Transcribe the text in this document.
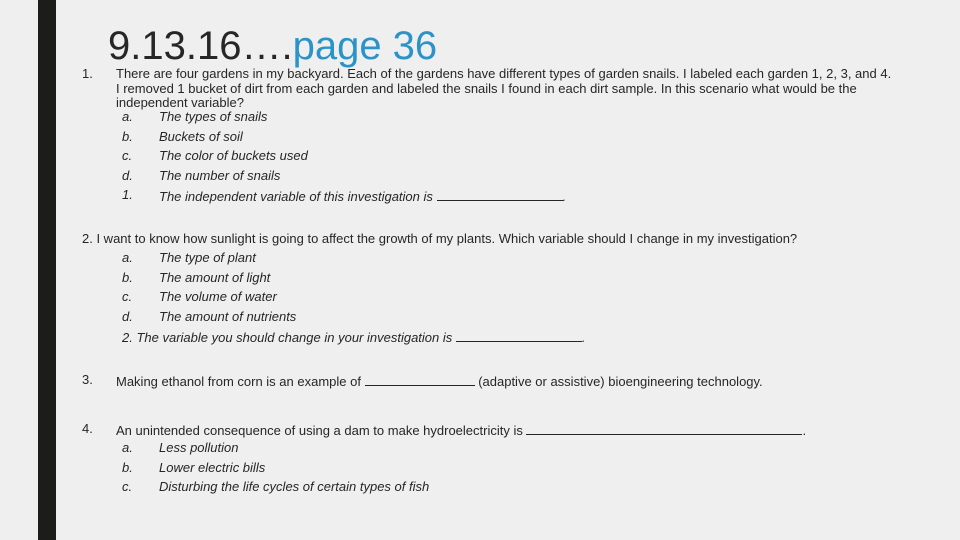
9.13.16….page 36
1. There are four gardens in my backyard. Each of the gardens have different types of garden snails. I labeled each garden 1, 2, 3, and 4. I removed 1 bucket of dirt from each garden and labeled the snails I found in each dirt sample. In this scenario what would be the independent variable?
a. The types of snails
b. Buckets of soil
c. The color of buckets used
d. The number of snails
1. The independent variable of this investigation is	.
2. I want to know how sunlight is going to affect the growth of my plants. Which variable should I change in my investigation?
a. The type of plant
b. The amount of light
c. The volume of water
d. The amount of nutrients
2. The variable you should change in your investigation is	.
3. Making ethanol from corn is an example of	(adaptive or assistive) bioengineering technology.
4. An unintended consequence of using a dam to make hydroelectricity is	.
a. Less pollution
b. Lower electric bills
c. Disturbing the life cycles of certain types of fish
